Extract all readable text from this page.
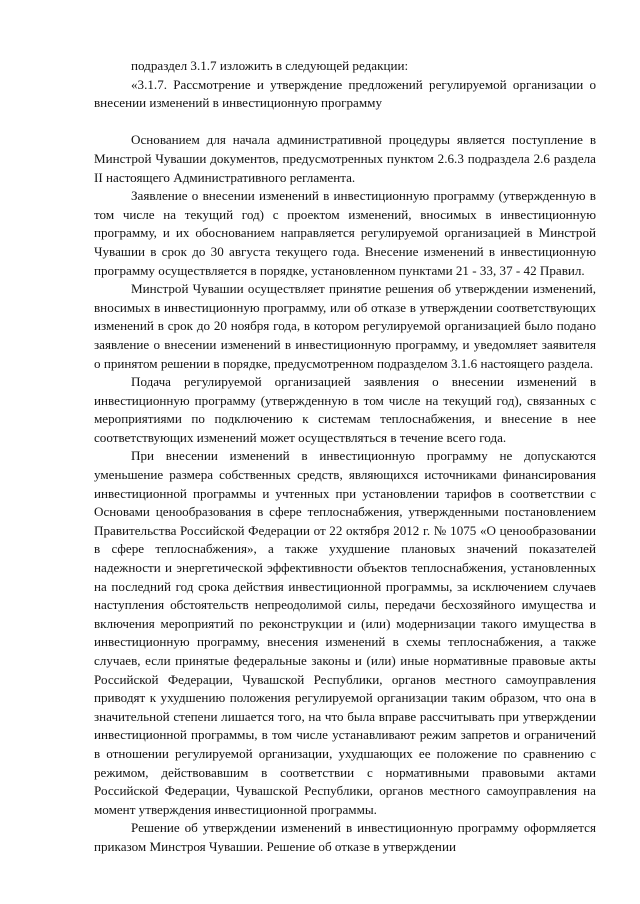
подраздел 3.1.7 изложить в следующей редакции:

«3.1.7. Рассмотрение и утверждение предложений регулируемой организации о внесении изменений в инвестиционную программу

Основанием для начала административной процедуры является поступление в Минстрой Чувашии документов, предусмотренных пунктом 2.6.3 подраздела 2.6 раздела II настоящего Административного регламента.

Заявление о внесении изменений в инвестиционную программу (утвержденную в том числе на текущий год) с проектом изменений, вносимых в инвестиционную программу, и их обоснованием направляется регулируемой организацией в Минстрой Чувашии в срок до 30 августа текущего года. Внесение изменений в инвестиционную программу осуществляется в порядке, установленном пунктами 21 - 33, 37 - 42 Правил.

Минстрой Чувашии осуществляет принятие решения об утверждении изменений, вносимых в инвестиционную программу, или об отказе в утверждении соответствующих изменений в срок до 20 ноября года, в котором регулируемой организацией было подано заявление о внесении изменений в инвестиционную программу, и уведомляет заявителя о принятом решении в порядке, предусмотренном подразделом 3.1.6 настоящего раздела.

Подача регулируемой организацией заявления о внесении изменений в инвестиционную программу (утвержденную в том числе на текущий год), связанных с мероприятиями по подключению к системам теплоснабжения, и внесение в нее соответствующих изменений может осуществляться в течение всего года.

При внесении изменений в инвестиционную программу не допускаются уменьшение размера собственных средств, являющихся источниками финансирования инвестиционной программы и учтенных при установлении тарифов в соответствии с Основами ценообразования в сфере теплоснабжения, утвержденными постановлением Правительства Российской Федерации от 22 октября 2012 г. № 1075 «О ценообразовании в сфере теплоснабжения», а также ухудшение плановых значений показателей надежности и энергетической эффективности объектов теплоснабжения, установленных на последний год срока действия инвестиционной программы, за исключением случаев наступления обстоятельств непреодолимой силы, передачи бесхозяйного имущества и включения мероприятий по реконструкции и (или) модернизации такого имущества в инвестиционную программу, внесения изменений в схемы теплоснабжения, а также случаев, если принятые федеральные законы и (или) иные нормативные правовые акты Российской Федерации, Чувашской Республики, органов местного самоуправления приводят к ухудшению положения регулируемой организации таким образом, что она в значительной степени лишается того, на что была вправе рассчитывать при утверждении инвестиционной программы, в том числе устанавливают режим запретов и ограничений в отношении регулируемой организации, ухудшающих ее положение по сравнению с режимом, действовавшим в соответствии с нормативными правовыми актами Российской Федерации, Чувашской Республики, органов местного самоуправления на момент утверждения инвестиционной программы.

Решение об утверждении изменений в инвестиционную программу оформляется приказом Минстроя Чувашии. Решение об отказе в утверждении
